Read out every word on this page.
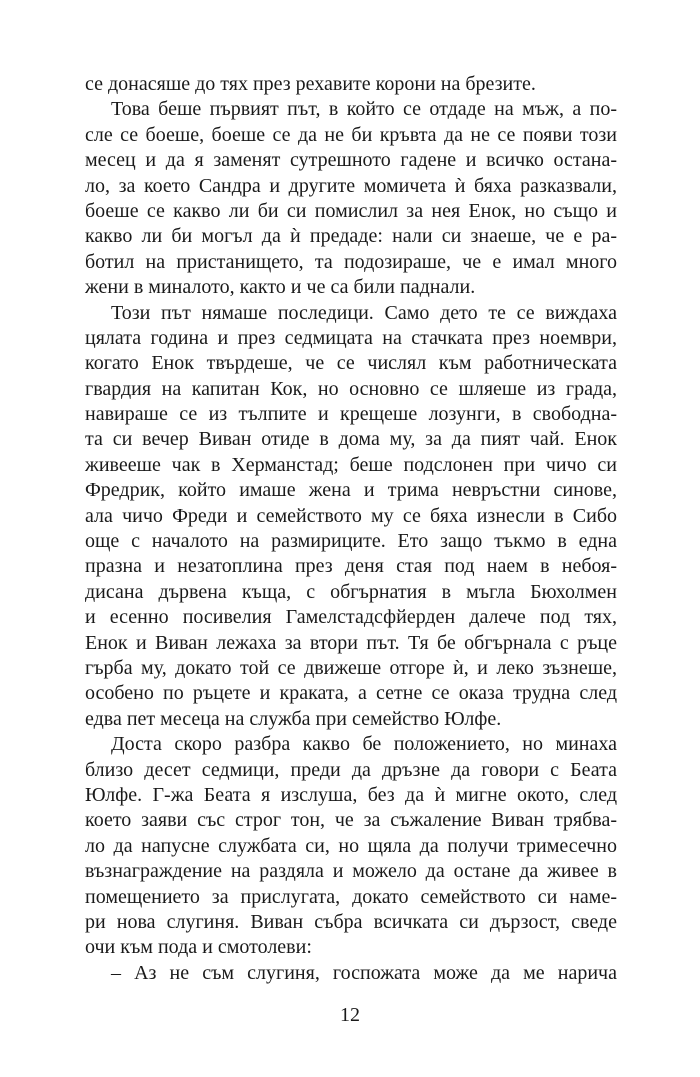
се донасяше до тях през рехавите корони на брезите.
Това беше първият път, в който се отдаде на мъж, а по-
сле се боеше, боеше се да не би кръвта да не се появи този
месец и да я заменят сутрешното гадене и всичко остана-
ло, за което Сандра и другите момичета ѝ бяха разказвали,
боеше се какво ли би си помислил за нея Енок, но също и
какво ли би могъл да ѝ предаде: нали си знаеше, че е ра-
ботил на пристанището, та подозираше, че е имал много
жени в миналото, както и че са били паднали.
Този път нямаше последици. Само дето те се виждаха
цялата година и през седмицата на стачката през ноември,
когато Енок твърдеше, че се числял към работническата
гвардия на капитан Кок, но основно се шляеше из града,
навираше се из тълпите и крещеше лозунги, в свободна-
та си вечер Виван отиде в дома му, за да пият чай. Енок
живееше чак в Херманстад; беше подслонен при чичо си
Фредрик, който имаше жена и трима невръстни синове,
ала чичо Фреди и семейството му се бяха изнесли в Сибо
още с началото на размириците. Ето защо тъкмо в една
празна и незатоплина през деня стая под наем в небоя-
дисана дървена къща, с обгърнатия в мъгла Бюхолмен
и есенно посивелия Гамелстадсфйерден далече под тях,
Енок и Виван лежаха за втори път. Тя бе обгърнала с ръце
гърба му, докато той се движеше отгоре ѝ, и леко зъзнеше,
особено по ръцете и краката, а сетне се оказа трудна след
едва пет месеца на служба при семейство Юлфе.
Доста скоро разбра какво бе положението, но минаха
близо десет седмици, преди да дръзне да говори с Беата
Юлфе. Г-жа Беата я изслуша, без да ѝ мигне окото, след
което заяви със строг тон, че за съжаление Виван трябва-
ло да напусне службата си, но щяла да получи тримесечно
възнаграждение на раздяла и можело да остане да живее в
помещението за прислугата, докато семейството си наме-
ри нова слугиня. Виван събра всичката си дързост, сведе
очи към пода и смотолеви:
– Аз не съм слугиня, госпожата може да ме нарича
12
